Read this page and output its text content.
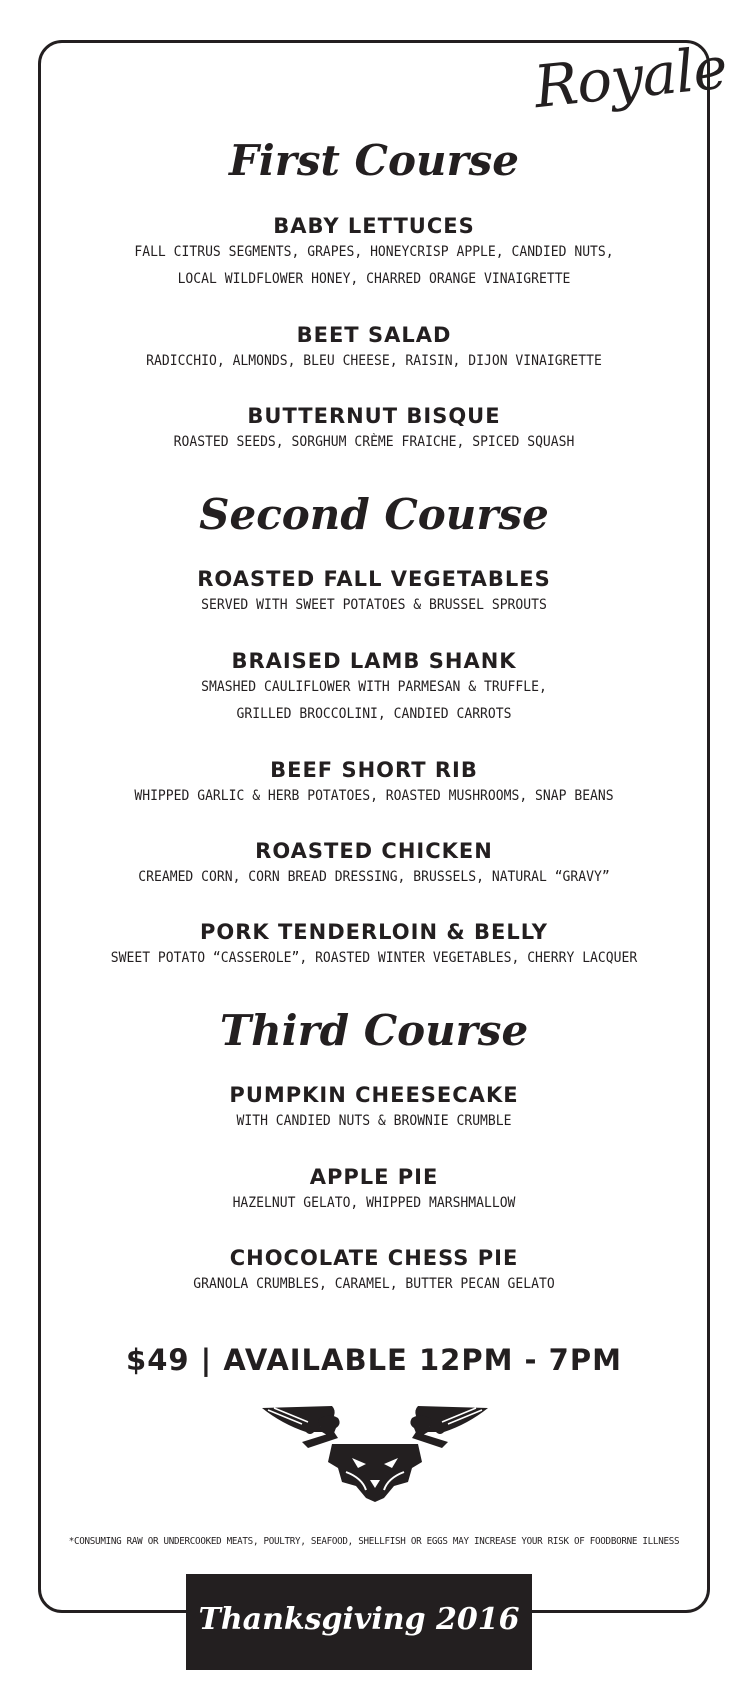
Royale
First Course
BABY LETTUCES
FALL CITRUS SEGMENTS, GRAPES, HONEYCRISP APPLE, CANDIED NUTS,
LOCAL WILDFLOWER HONEY, CHARRED ORANGE VINAIGRETTE
BEET SALAD
RADICCHIO, ALMONDS, BLEU CHEESE, RAISIN, DIJON VINAIGRETTE
BUTTERNUT BISQUE
ROASTED SEEDS, SORGHUM CRÈME FRAICHE, SPICED SQUASH
Second Course
ROASTED FALL VEGETABLES
SERVED WITH SWEET POTATOES & BRUSSEL SPROUTS
BRAISED LAMB SHANK
SMASHED CAULIFLOWER WITH PARMESAN & TRUFFLE,
GRILLED BROCCOLINI, CANDIED CARROTS
BEEF SHORT RIB
WHIPPED GARLIC & HERB POTATOES, ROASTED MUSHROOMS, SNAP BEANS
ROASTED CHICKEN
CREAMED CORN, CORN BREAD DRESSING, BRUSSELS, NATURAL “GRAVY”
PORK TENDERLOIN & BELLY
SWEET POTATO “CASSEROLE”, ROASTED WINTER VEGETABLES, CHERRY LACQUER
Third Course
PUMPKIN CHEESECAKE
WITH CANDIED NUTS & BROWNIE CRUMBLE
APPLE PIE
HAZELNUT GELATO, WHIPPED MARSHMALLOW
CHOCOLATE CHESS PIE
GRANOLA CRUMBLES, CARAMEL, BUTTER PECAN GELATO
$49 | AVAILABLE 12PM - 7PM
*CONSUMING RAW OR UNDERCOOKED MEATS, POULTRY, SEAFOOD, SHELLFISH OR EGGS MAY INCREASE YOUR RISK OF FOODBORNE ILLNESS
Thanksgiving 2016
